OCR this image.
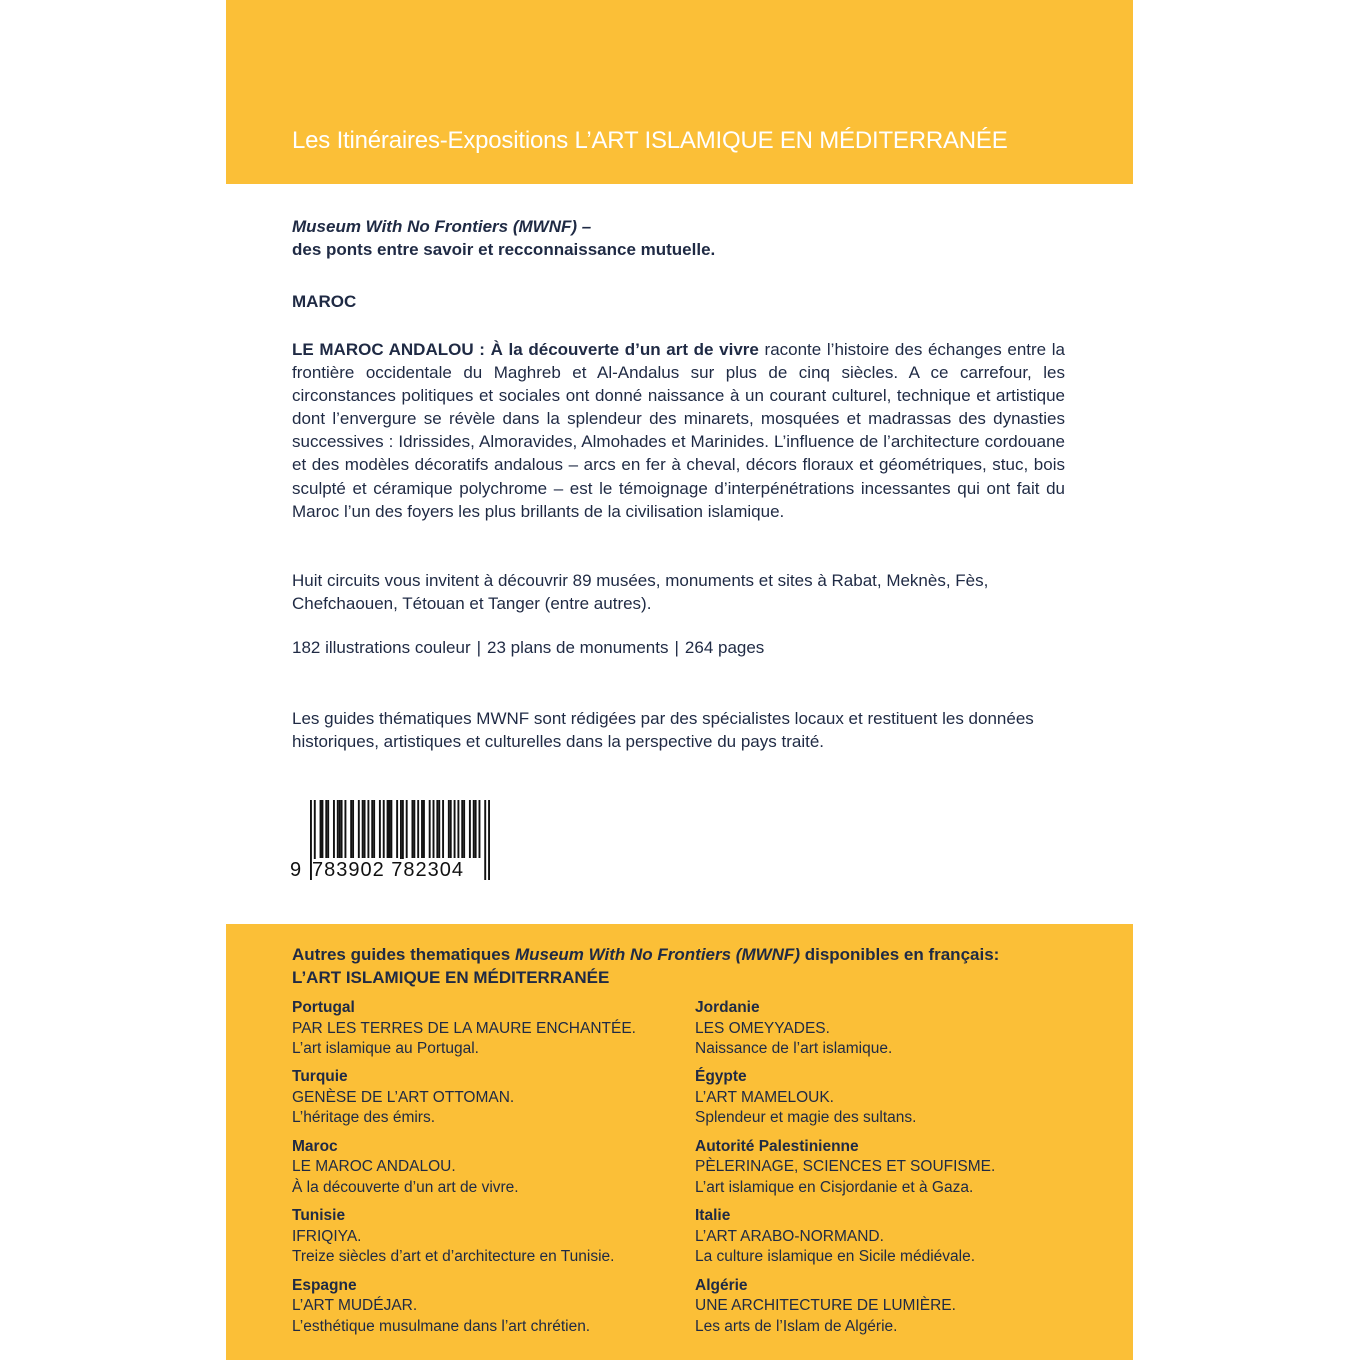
Les Itinéraires-Expositions L’ART ISLAMIQUE EN MÉDITERRANÉE
Museum With No Frontiers (MWNF) –
des ponts entre savoir et recconnaissance mutuelle.
MAROC

LE MAROC ANDALOU : À la découverte d’un art de vivre raconte l’histoire des échanges entre la frontière occidentale du Maghreb et Al-Andalus sur plus de cinq siècles. A ce carrefour, les circonstances politiques et sociales ont donné naissance à un courant culturel, technique et artistique dont l’envergure se révèle dans la splendeur des minarets, mosquées et madrassas des dynasties successives : Idrissides, Almoravides, Almohades et Marinides. L’influence de l’architecture cordouane et des modèles décoratifs andalous – arcs en fer à cheval, décors floraux et géométriques, stuc, bois sculpté et céramique polychrome – est le témoignage d’interpénétrations incessantes qui ont fait du Maroc l’un des foyers les plus brillants de la civilisation islamique.

Huit circuits vous invitent à découvrir 89 musées, monuments et sites à Rabat, Meknès, Fès, Chefchaouen, Tétouan et Tanger (entre autres).

182 illustrations couleur | 23 plans de monuments | 264 pages

Les guides thématiques MWNF sont rédigées par des spécialistes locaux et restituent les données historiques, artistiques et culturelles dans la perspective du pays traité.

9 783902 782304
Autres guides thematiques Museum With No Frontiers (MWNF) disponibles en français:
L’ART ISLAMIQUE EN MÉDITERRANÉE
Portugal
PAR LES TERRES DE LA MAURE ENCHANTÉE.
L’art islamique au Portugal.
Turquie
GENÈSE DE L’ART OTTOMAN.
L’héritage des émirs.
Maroc
LE MAROC ANDALOU.
À la découverte d’un art de vivre.
Tunisie
IFRIQIYA.
Treize siècles d’art et d’architecture en Tunisie.
Espagne
L’ART MUDÉJAR.
L’esthétique musulmane dans l’art chrétien.
Jordanie
LES OMEYYADES.
Naissance de l’art islamique.
Égypte
L’ART MAMELOUK.
Splendeur et magie des sultans.
Autorité Palestinienne
PÈLERINAGE, SCIENCES ET SOUFISME.
L’art islamique en Cisjordanie et à Gaza.
Italie
L’ART ARABO-NORMAND.
La culture islamique en Sicile médiévale.
Algérie
UNE ARCHITECTURE DE LUMIÈRE.
Les arts de l’Islam de Algérie.
